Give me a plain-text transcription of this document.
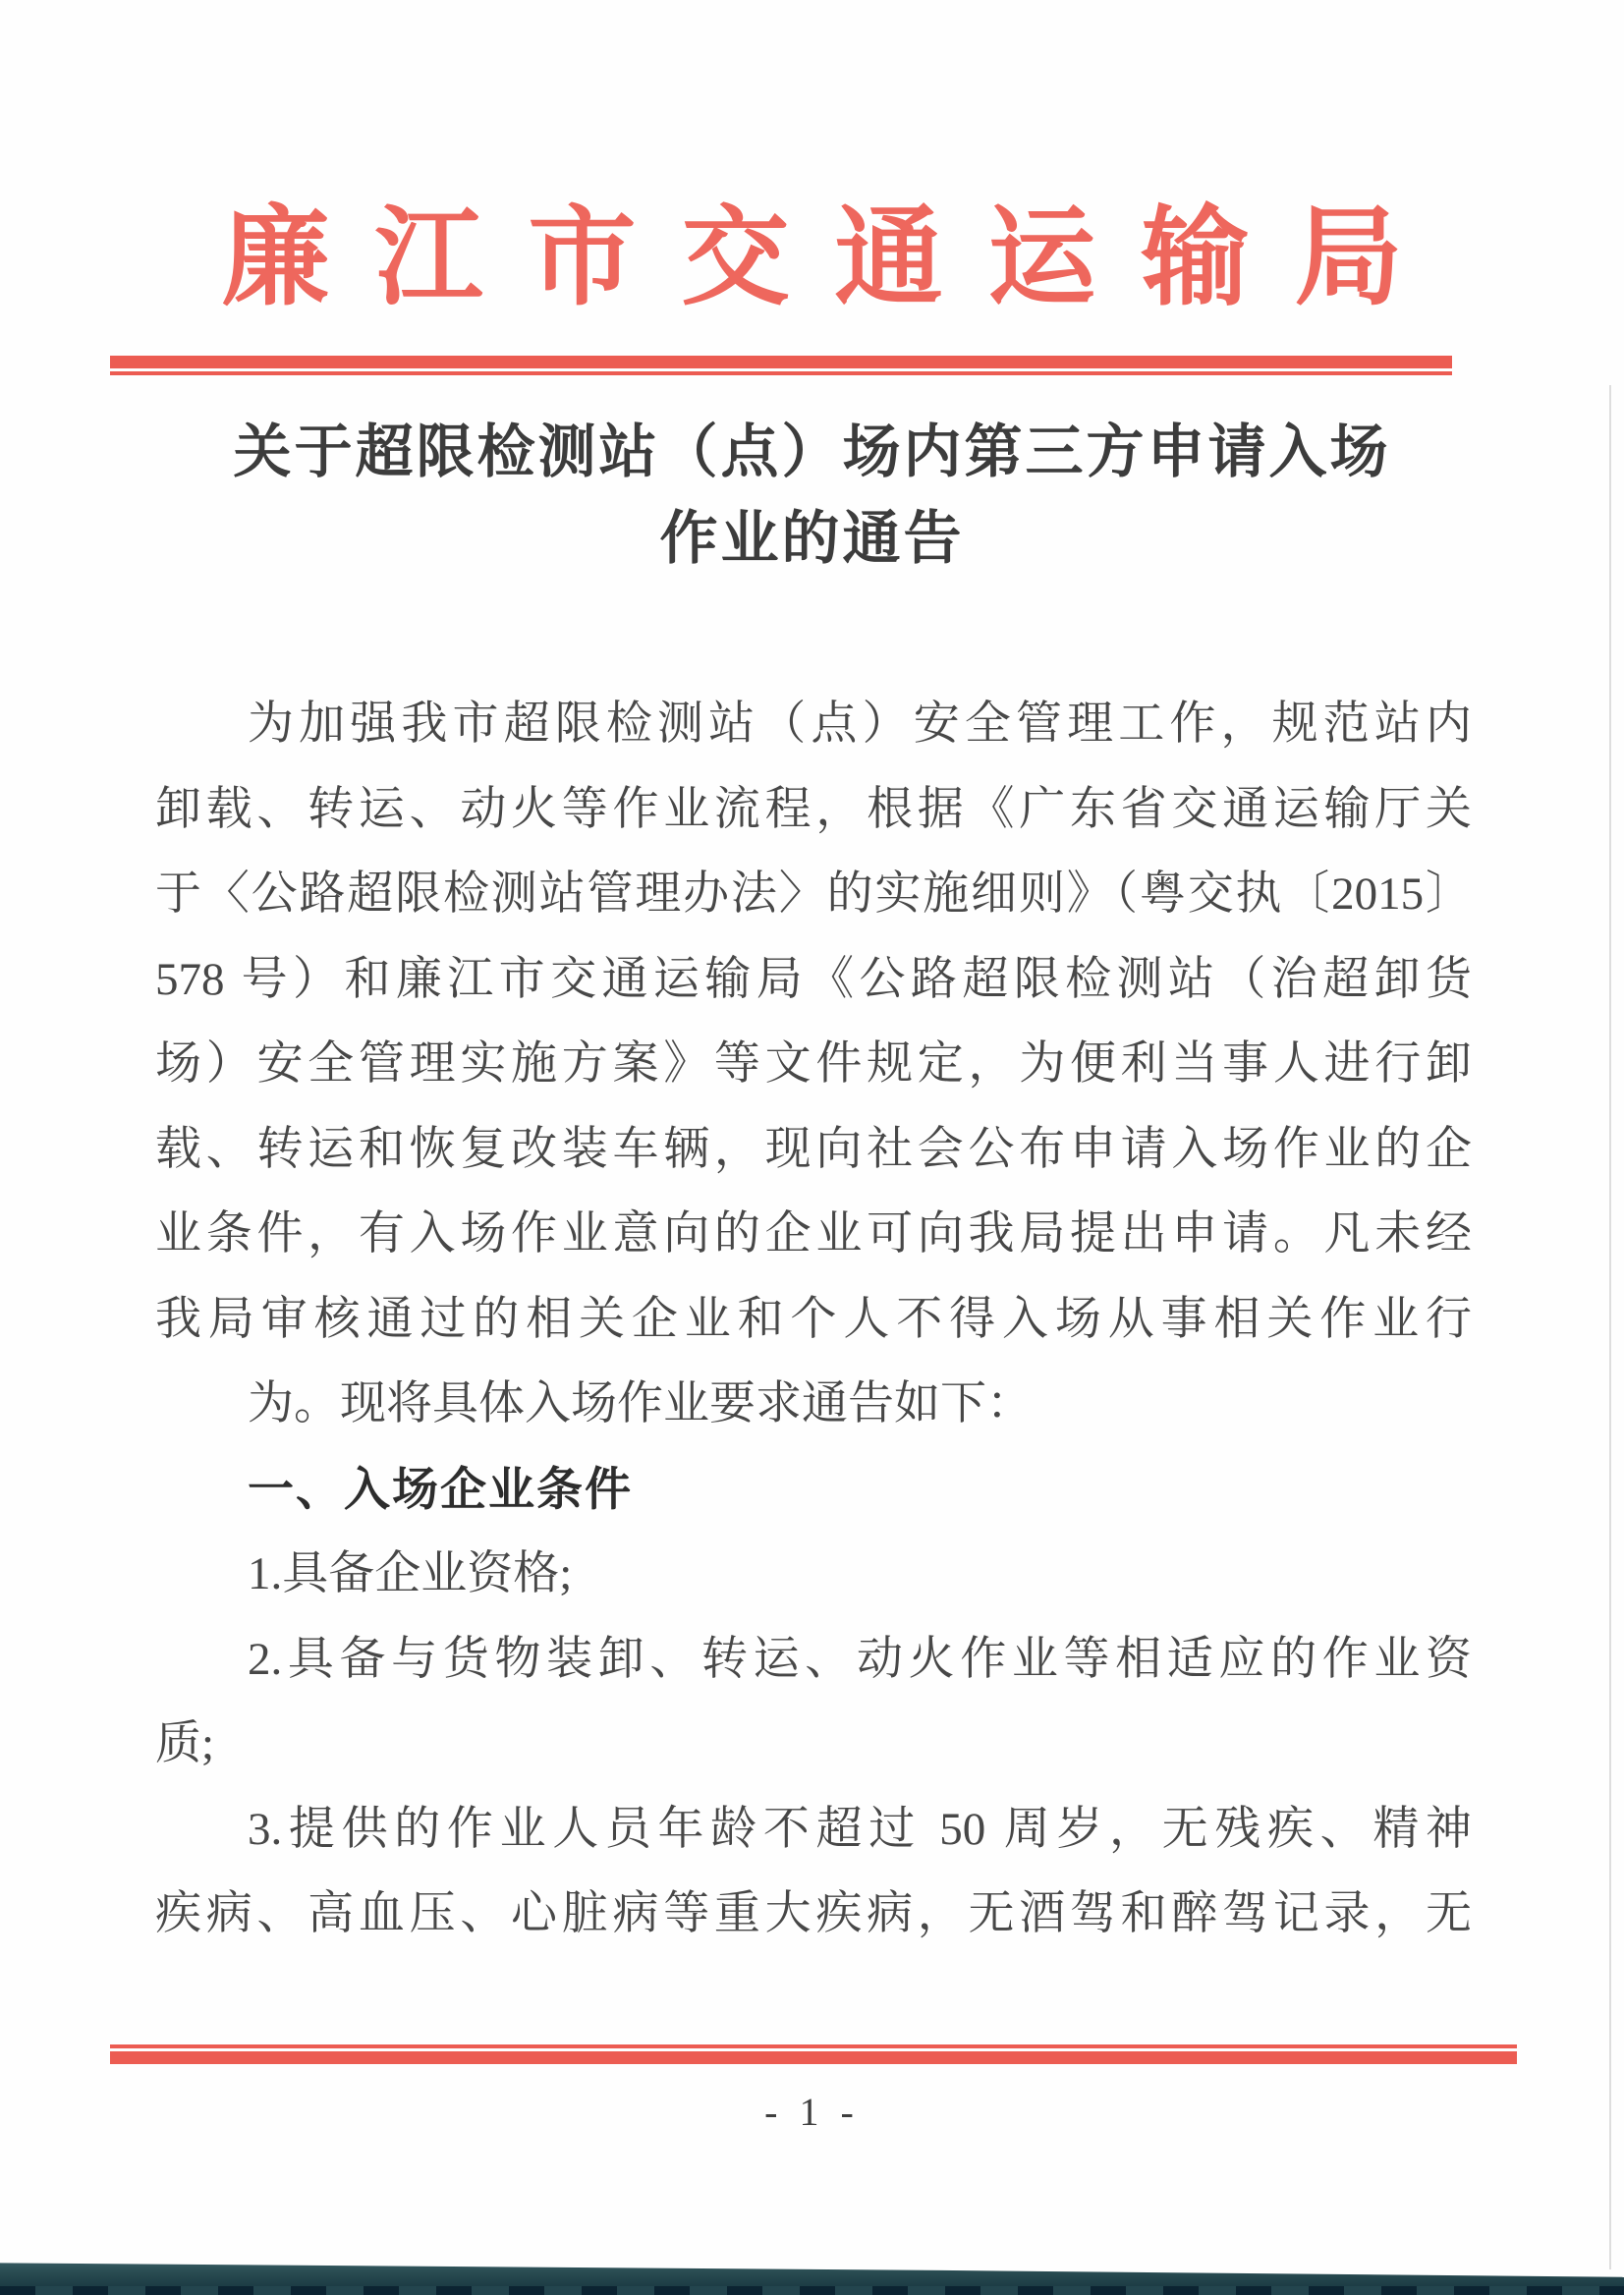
廉江市交通运输局
关于超限检测站（点）场内第三方申请入场
作业的通告
为加强我市超限检测站（点）安全管理工作，规范站内
卸载、转运、动火等作业流程，根据《广东省交通运输厅关
于〈公路超限检测站管理办法〉的实施细则》（粤交执〔2015〕
578 号）和廉江市交通运输局《公路超限检测站（治超卸货
场）安全管理实施方案》等文件规定，为便利当事人进行卸
载、转运和恢复改装车辆，现向社会公布申请入场作业的企
业条件，有入场作业意向的企业可向我局提出申请。凡未经
我局审核通过的相关企业和个人不得入场从事相关作业行
为。现将具体入场作业要求通告如下：
一、入场企业条件
1.具备企业资格;
2.具备与货物装卸、转运、动火作业等相适应的作业资
质;
3.提供的作业人员年龄不超过 50 周岁，无残疾、精神
疾病、高血压、心脏病等重大疾病，无酒驾和醉驾记录，无
- 1 -
